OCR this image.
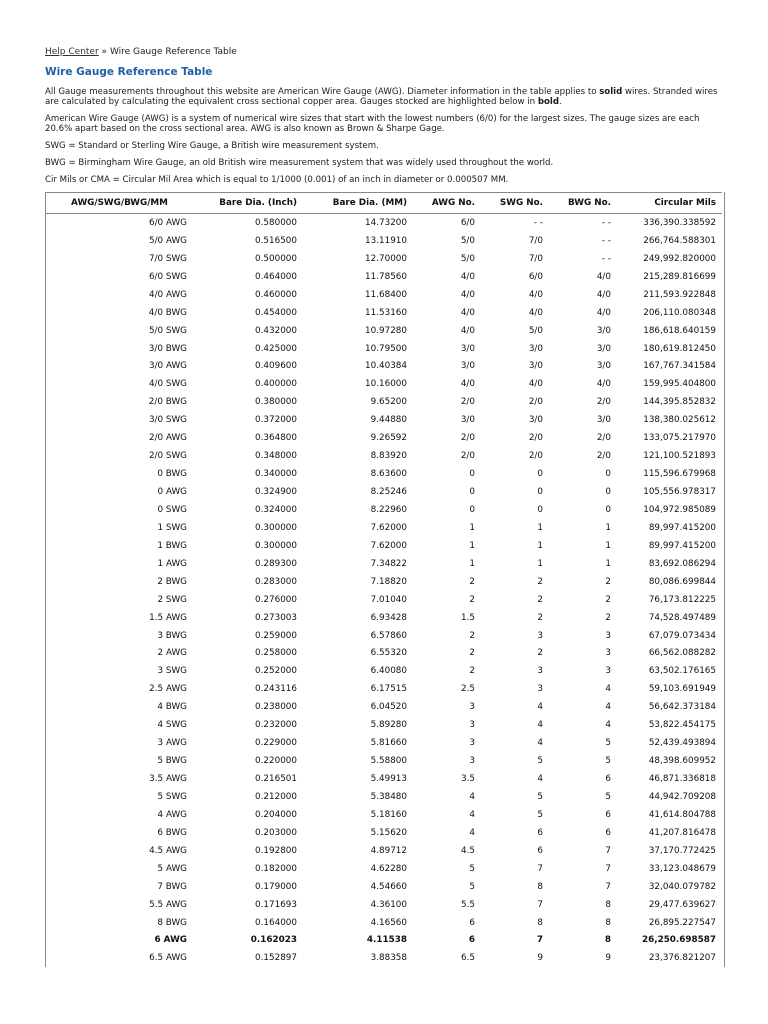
Help Center » Wire Gauge Reference Table
Wire Gauge Reference Table

All Gauge measurements throughout this website are American Wire Gauge (AWG). Diameter information in the table applies to solid wires. Stranded wires are calculated by calculating the equivalent cross sectional copper area. Gauges stocked are highlighted below in bold.

American Wire Gauge (AWG) is a system of numerical wire sizes that start with the lowest numbers (6/0) for the largest sizes. The gauge sizes are each 20.6% apart based on the cross sectional area. AWG is also known as Brown & Sharpe Gage.

SWG = Standard or Sterling Wire Gauge, a British wire measurement system.

BWG = Birmingham Wire Gauge, an old British wire measurement system that was widely used throughout the world.

Cir Mils or CMA = Circular Mil Area which is equal to 1/1000 (0.001) of an inch in diameter or 0.000507 MM.

AWG/SWG/BWG/MM	Bare Dia. (Inch)	Bare Dia. (MM)	AWG No.	SWG No.	BWG No.	Circular Mils
6/0 AWG	0.580000	14.73200	6/0	- -	- -	336,390.338592
5/0 AWG	0.516500	13.11910	5/0	7/0	- -	266,764.588301
7/0 SWG	0.500000	12.70000	5/0	7/0	- -	249,992.820000
6/0 SWG	0.464000	11.78560	4/0	6/0	4/0	215,289.816699
4/0 AWG	0.460000	11.68400	4/0	4/0	4/0	211,593.922848
4/0 BWG	0.454000	11.53160	4/0	4/0	4/0	206,110.080348
5/0 SWG	0.432000	10.97280	4/0	5/0	3/0	186,618.640159
3/0 BWG	0.425000	10.79500	3/0	3/0	3/0	180,619.812450
3/0 AWG	0.409600	10.40384	3/0	3/0	3/0	167,767.341584
4/0 SWG	0.400000	10.16000	4/0	4/0	4/0	159,995.404800
2/0 BWG	0.380000	9.65200	2/0	2/0	2/0	144,395.852832
3/0 SWG	0.372000	9.44880	3/0	3/0	3/0	138,380.025612
2/0 AWG	0.364800	9.26592	2/0	2/0	2/0	133,075.217970
2/0 SWG	0.348000	8.83920	2/0	2/0	2/0	121,100.521893
0 BWG	0.340000	8.63600	0	0	0	115,596.679968
0 AWG	0.324900	8.25246	0	0	0	105,556.978317
0 SWG	0.324000	8.22960	0	0	0	104,972.985089
1 SWG	0.300000	7.62000	1	1	1	89,997.415200
1 BWG	0.300000	7.62000	1	1	1	89,997.415200
1 AWG	0.289300	7.34822	1	1	1	83,692.086294
2 BWG	0.283000	7.18820	2	2	2	80,086.699844
2 SWG	0.276000	7.01040	2	2	2	76,173.812225
1.5 AWG	0.273003	6.93428	1.5	2	2	74,528.497489
3 BWG	0.259000	6.57860	2	3	3	67,079.073434
2 AWG	0.258000	6.55320	2	2	3	66,562.088282
3 SWG	0.252000	6.40080	2	3	3	63,502.176165
2.5 AWG	0.243116	6.17515	2.5	3	4	59,103.691949
4 BWG	0.238000	6.04520	3	4	4	56,642.373184
4 SWG	0.232000	5.89280	3	4	4	53,822.454175
3 AWG	0.229000	5.81660	3	4	5	52,439.493894
5 BWG	0.220000	5.58800	3	5	5	48,398.609952
3.5 AWG	0.216501	5.49913	3.5	4	6	46,871.336818
5 SWG	0.212000	5.38480	4	5	5	44,942.709208
4 AWG	0.204000	5.18160	4	5	6	41,614.804788
6 BWG	0.203000	5.15620	4	6	6	41,207.816478
4.5 AWG	0.192800	4.89712	4.5	6	7	37,170.772425
5 AWG	0.182000	4.62280	5	7	7	33,123.048679
7 BWG	0.179000	4.54660	5	8	7	32,040.079782
5.5 AWG	0.171693	4.36100	5.5	7	8	29,477.639627
8 BWG	0.164000	4.16560	6	8	8	26,895.227547
6 AWG	0.162023	4.11538	6	7	8	26,250.698587
6.5 AWG	0.152897	3.88358	6.5	9	9	23,376.821207
